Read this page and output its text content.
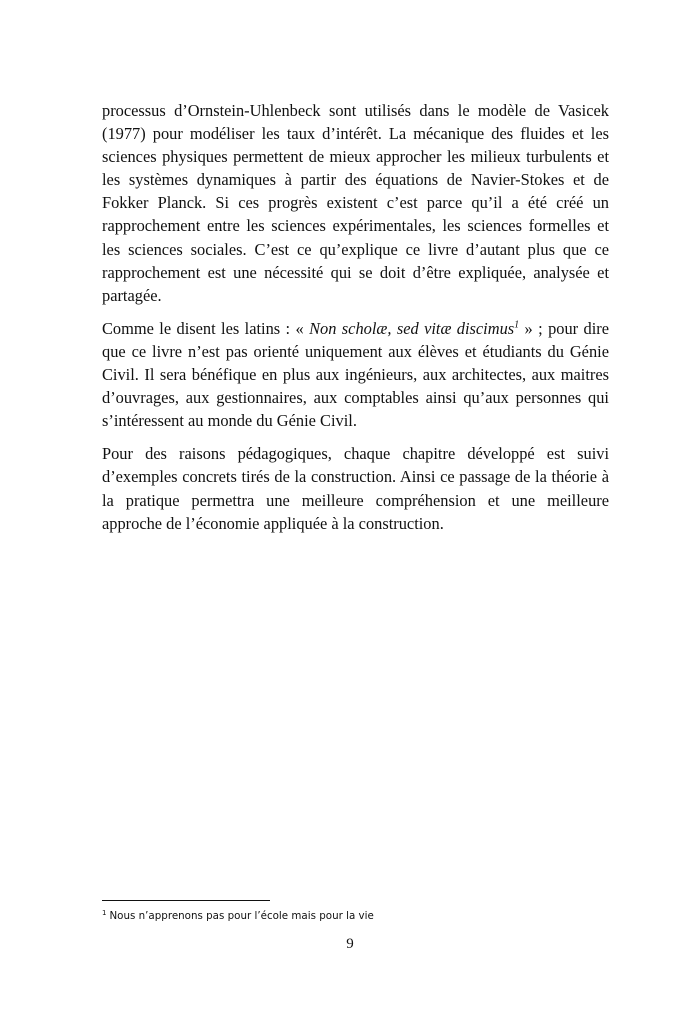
processus d’Ornstein-Uhlenbeck sont utilisés dans le modèle de Vasicek (1977) pour modéliser les taux d’intérêt. La mécanique des fluides et les sciences physiques permettent de mieux approcher les milieux turbulents et les systèmes dynamiques à partir des équations de Navier-Stokes et de Fokker Planck. Si ces progrès existent c’est parce qu’il a été créé un rapprochement entre les sciences expérimentales, les sciences formelles et les sciences sociales. C’est ce qu’explique ce livre d’autant plus que ce rapprochement est une nécessité qui se doit d’être expliquée, analysée et partagée.

Comme le disent les latins : « Non scholæ, sed vitæ discimus$^1$ » ; pour dire que ce livre n’est pas orienté uniquement aux élèves et étudiants du Génie Civil. Il sera bénéfique en plus aux ingénieurs, aux architectes, aux maitres d’ouvrages, aux gestionnaires, aux comptables ainsi qu’aux personnes qui s’intéressent au monde du Génie Civil.

Pour des raisons pédagogiques, chaque chapitre développé est suivi d’exemples concrets tirés de la construction. Ainsi ce passage de la théorie à la pratique permettra une meilleure compréhension et une meilleure approche de l’économie appliquée à la construction.

$^1$ Nous n’apprenons pas pour l’école mais pour la vie
9
